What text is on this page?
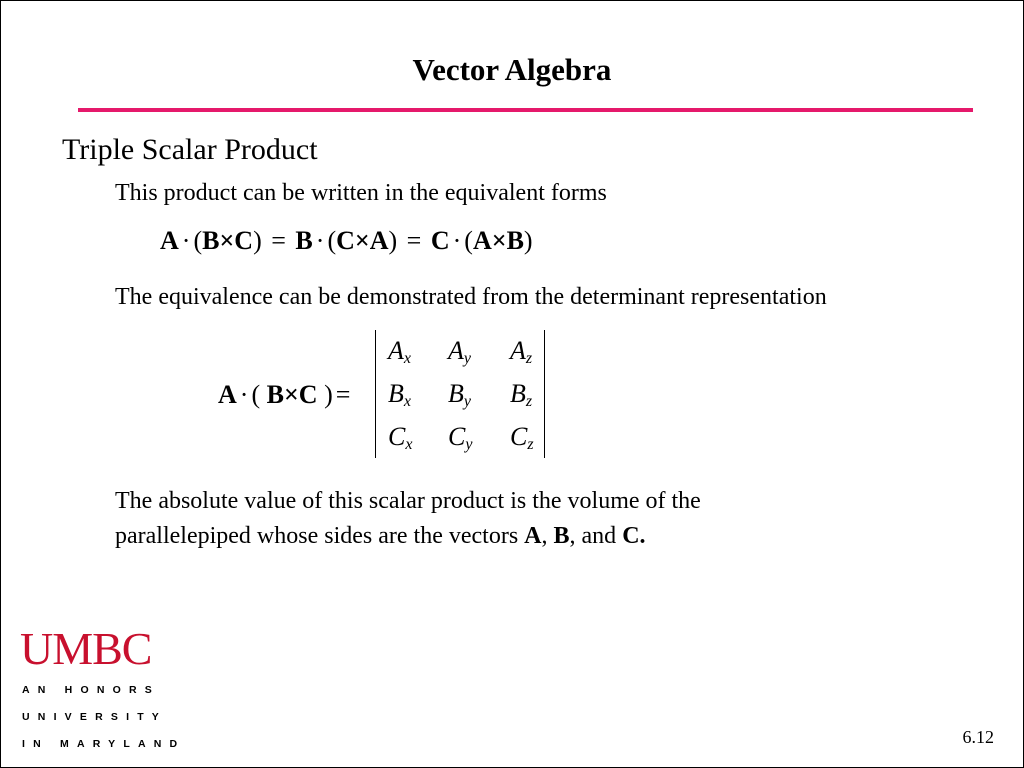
Vector Algebra
Triple Scalar Product
This product can be written in the equivalent forms
A · (B×C) = B · (C×A) = C · (A×B)
The equivalence can be demonstrated from the determinant representation
A · ( B×C ) =
$A_x$ $A_y$ $A_z$
$B_x$ $B_y$ $B_z$
$C_x$ $C_y$ $C_z$
The absolute value of this scalar product is the volume of the
parallelepiped whose sides are the vectors A, B, and C.
UMBC
AN HONORS
UNIVERSITY
IN MARYLAND	6.12
